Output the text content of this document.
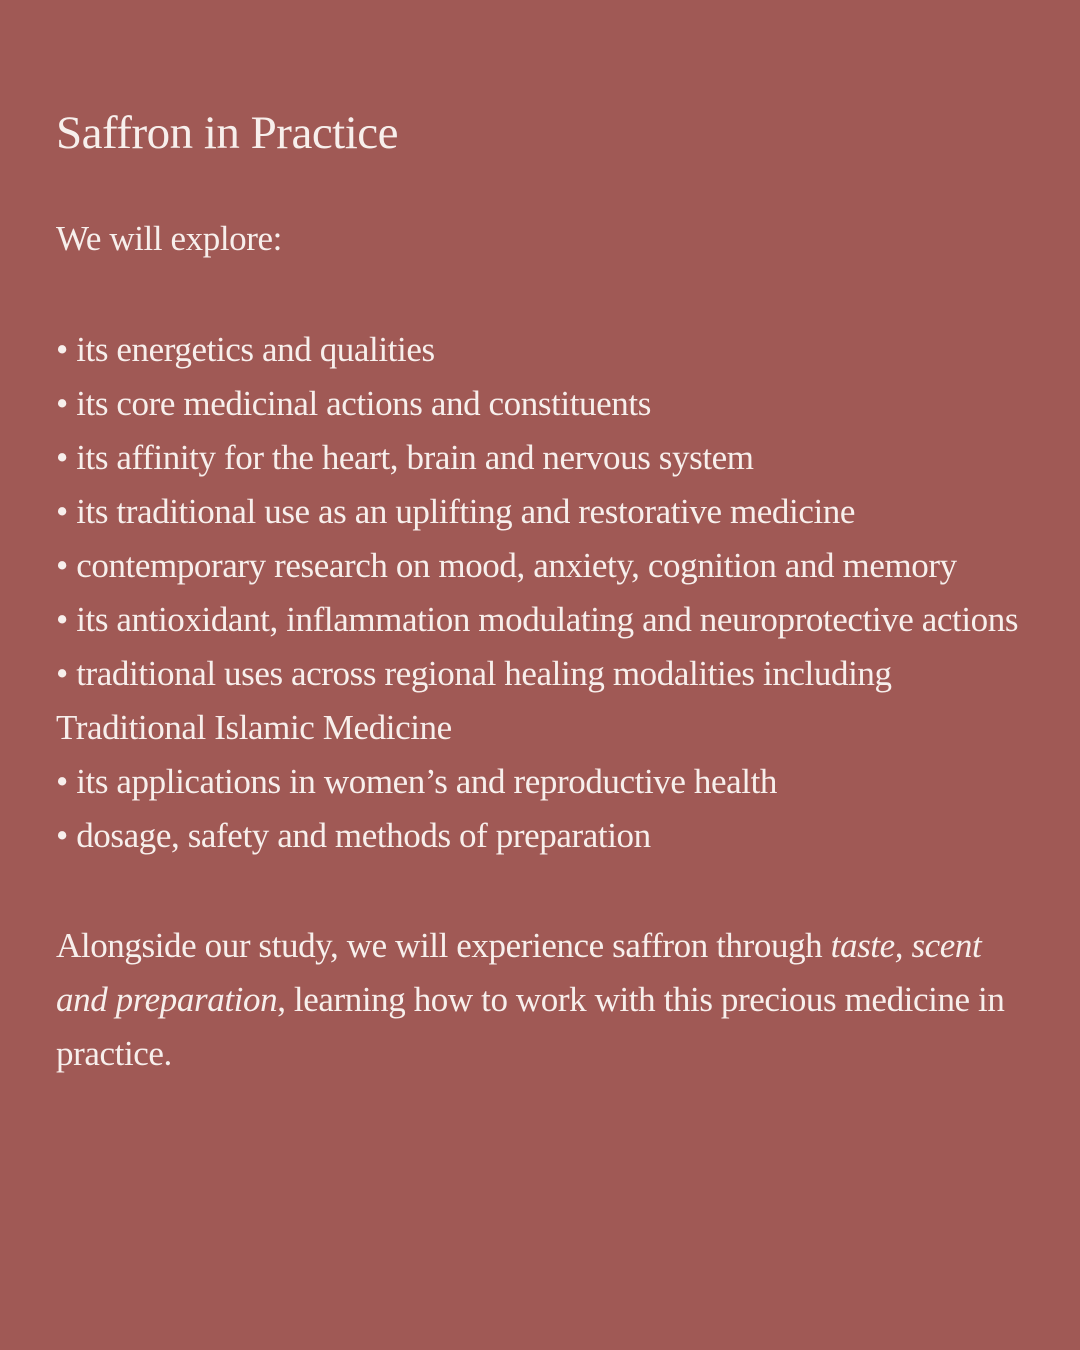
Saffron in Practice

We will explore:

• its energetics and qualities
• its core medicinal actions and constituents
• its affinity for the heart, brain and nervous system
• its traditional use as an uplifting and restorative medicine
• contemporary research on mood, anxiety, cognition and memory
• its antioxidant, inflammation modulating and neuroprotective actions
• traditional uses across regional healing modalities including Traditional Islamic Medicine
• its applications in women’s and reproductive health
• dosage, safety and methods of preparation

Alongside our study, we will experience saffron through taste, scent and preparation, learning how to work with this precious medicine in practice.
